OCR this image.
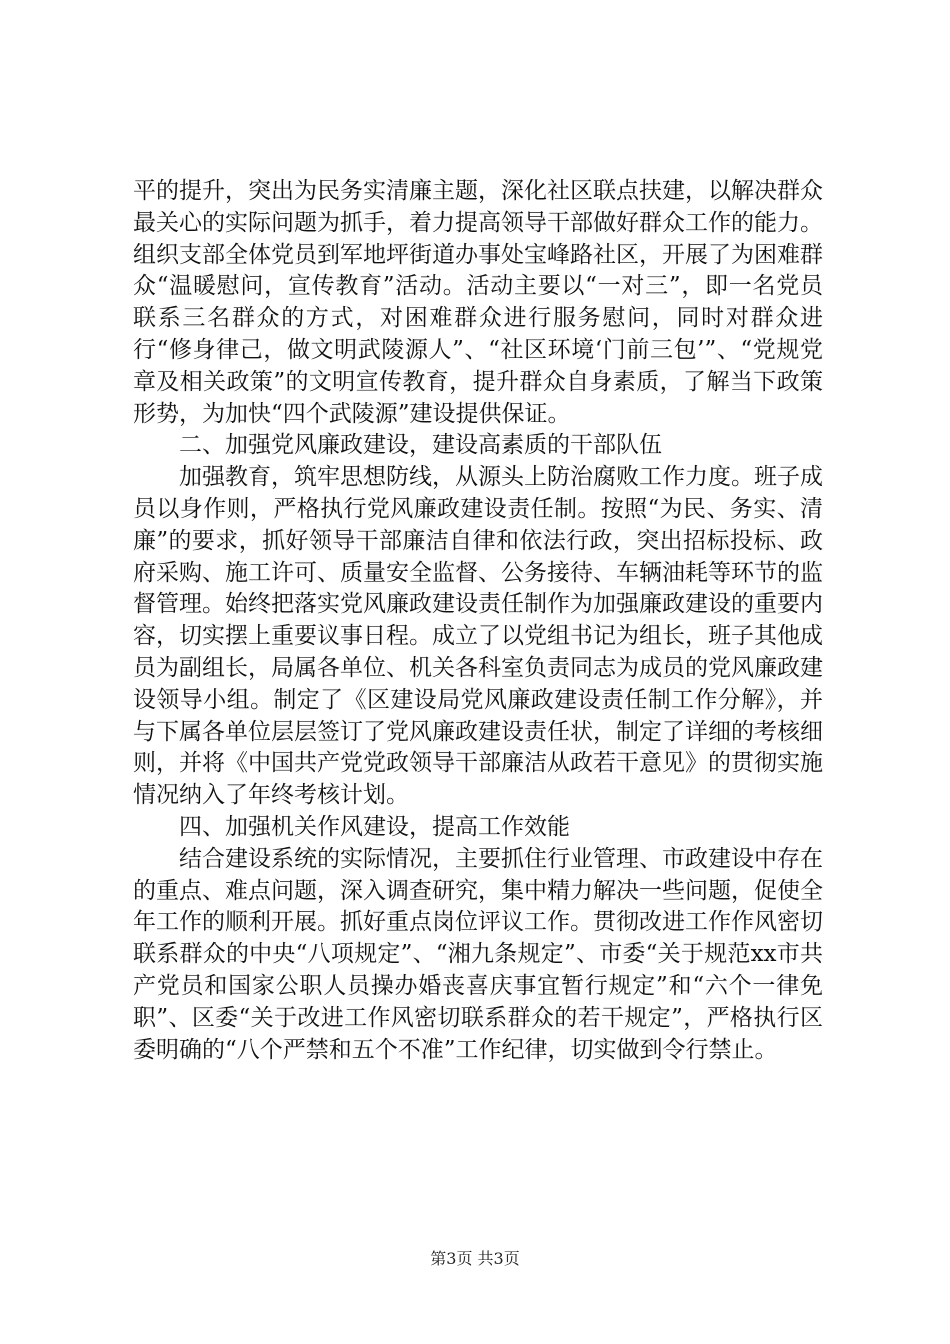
平的提升，突出为民务实清廉主题，深化社区联点扶建，以解决群众最关心的实际问题为抓手，着力提高领导干部做好群众工作的能力。组织支部全体党员到军地坪街道办事处宝峰路社区，开展了为困难群众“温暖慰问，宣传教育”活动。活动主要以“一对三”，即一名党员联系三名群众的方式，对困难群众进行服务慰问，同时对群众进行“修身律己，做文明武陵源人”、“社区环境‘门前三包’”、“党规党章及相关政策”的文明宣传教育，提升群众自身素质，了解当下政策形势，为加快“四个武陵源”建设提供保证。

二、加强党风廉政建设，建设高素质的干部队伍

加强教育，筑牢思想防线，从源头上防治腐败工作力度。班子成员以身作则，严格执行党风廉政建设责任制。按照“为民、务实、清廉”的要求，抓好领导干部廉洁自律和依法行政，突出招标投标、政府采购、施工许可、质量安全监督、公务接待、车辆油耗等环节的监督管理。始终把落实党风廉政建设责任制作为加强廉政建设的重要内容，切实摆上重要议事日程。成立了以党组书记为组长，班子其他成员为副组长，局属各单位、机关各科室负责同志为成员的党风廉政建设领导小组。制定了《区建设局党风廉政建设责任制工作分解》，并与下属各单位层层签订了党风廉政建设责任状，制定了详细的考核细则，并将《中国共产党党政领导干部廉洁从政若干意见》的贯彻实施情况纳入了年终考核计划。

四、加强机关作风建设，提高工作效能

结合建设系统的实际情况，主要抓住行业管理、市政建设中存在的重点、难点问题，深入调查研究，集中精力解决一些问题，促使全年工作的顺利开展。抓好重点岗位评议工作。贯彻改进工作作风密切联系群众的中央“八项规定”、“湘九条规定”、市委“关于规范xx市共产党员和国家公职人员操办婚丧喜庆事宜暂行规定”和“六个一律免职”、区委“关于改进工作风密切联系群众的若干规定”，严格执行区委明确的“八个严禁和五个不准”工作纪律，切实做到令行禁止。

第3页 共3页
